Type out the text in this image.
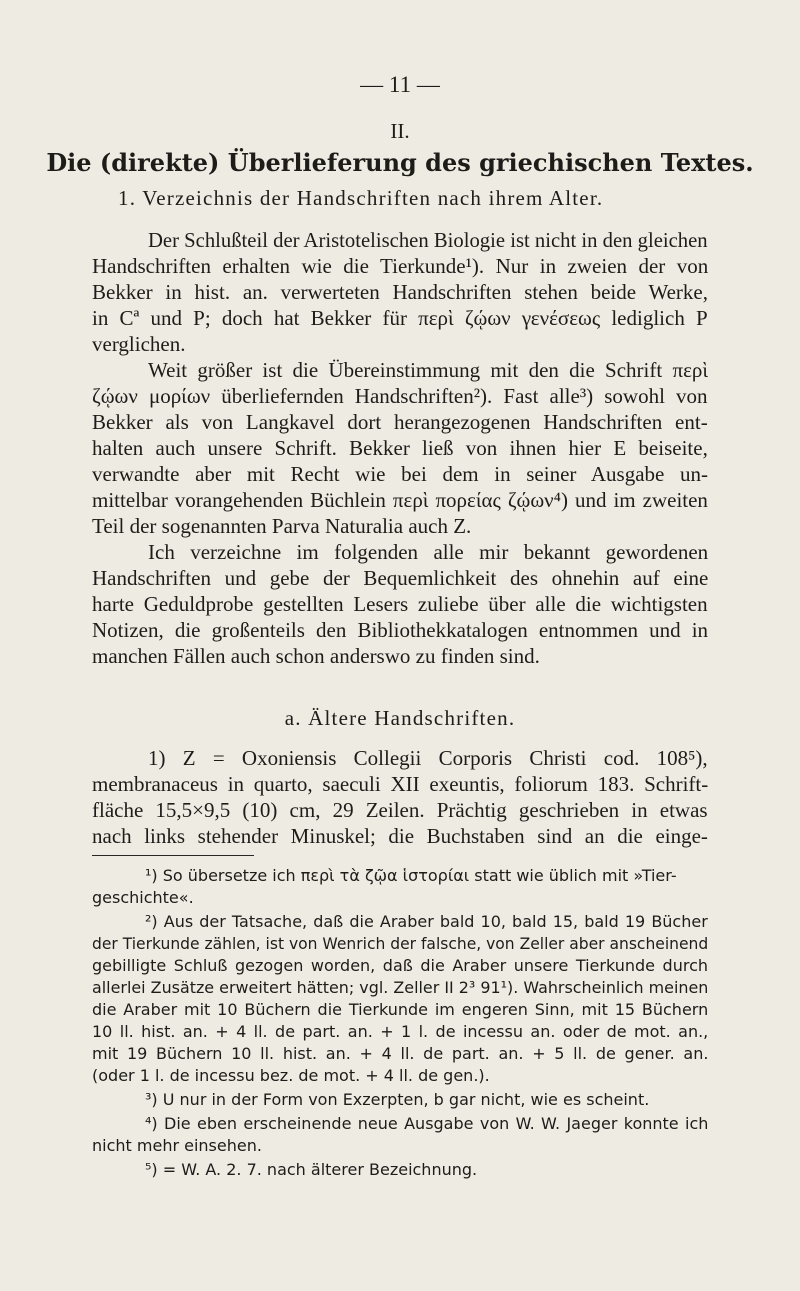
— 11 —
II.
Die (direkte) Überlieferung des griechischen Textes.
1. Verzeichnis der Handschriften nach ihrem Alter.
Der Schlußteil der Aristotelischen Biologie ist nicht in den gleichen
Handschriften erhalten wie die Tierkunde¹). Nur in zweien der von
Bekker in hist. an. verwerteten Handschriften stehen beide Werke,
in Cª und P; doch hat Bekker für περὶ ζῴων γενέσεως lediglich P
verglichen.
Weit größer ist die Übereinstimmung mit den die Schrift περὶ
ζῴων μορίων überliefernden Handschriften²). Fast alle³) sowohl von
Bekker als von Langkavel dort herangezogenen Handschriften ent-
halten auch unsere Schrift. Bekker ließ von ihnen hier E beiseite,
verwandte aber mit Recht wie bei dem in seiner Ausgabe un-
mittelbar vorangehenden Büchlein περὶ πορείας ζῴων⁴) und im zweiten
Teil der sogenannten Parva Naturalia auch Z.
Ich verzeichne im folgenden alle mir bekannt gewordenen
Handschriften und gebe der Bequemlichkeit des ohnehin auf eine
harte Geduldprobe gestellten Lesers zuliebe über alle die wichtigsten
Notizen, die großenteils den Bibliothekkatalogen entnommen und in
manchen Fällen auch schon anderswo zu finden sind.
a. Ältere Handschriften.
1) Z = Oxoniensis Collegii Corporis Christi cod. 108⁵),
membranaceus in quarto, saeculi XII exeuntis, foliorum 183. Schrift-
fläche 15,5×9,5 (10) cm, 29 Zeilen. Prächtig geschrieben in etwas
nach links stehender Minuskel; die Buchstaben sind an die einge-
¹) So übersetze ich περὶ τὰ ζῷα ἱστορίαι statt wie üblich mit »Tier-
geschichte«.
²) Aus der Tatsache, daß die Araber bald 10, bald 15, bald 19 Bücher
der Tierkunde zählen, ist von Wenrich der falsche, von Zeller aber anscheinend
gebilligte Schluß gezogen worden, daß die Araber unsere Tierkunde durch
allerlei Zusätze erweitert hätten; vgl. Zeller II 2³ 91¹). Wahrscheinlich meinen
die Araber mit 10 Büchern die Tierkunde im engeren Sinn, mit 15 Büchern
10 ll. hist. an. + 4 ll. de part. an. + 1 l. de incessu an. oder de mot. an.,
mit 19 Büchern 10 ll. hist. an. + 4 ll. de part. an. + 5 ll. de gener. an.
(oder 1 l. de incessu bez. de mot. + 4 ll. de gen.).
³) U nur in der Form von Exzerpten, b gar nicht, wie es scheint.
⁴) Die eben erscheinende neue Ausgabe von W. W. Jaeger konnte ich
nicht mehr einsehen.
⁵) = W. A. 2. 7. nach älterer Bezeichnung.
